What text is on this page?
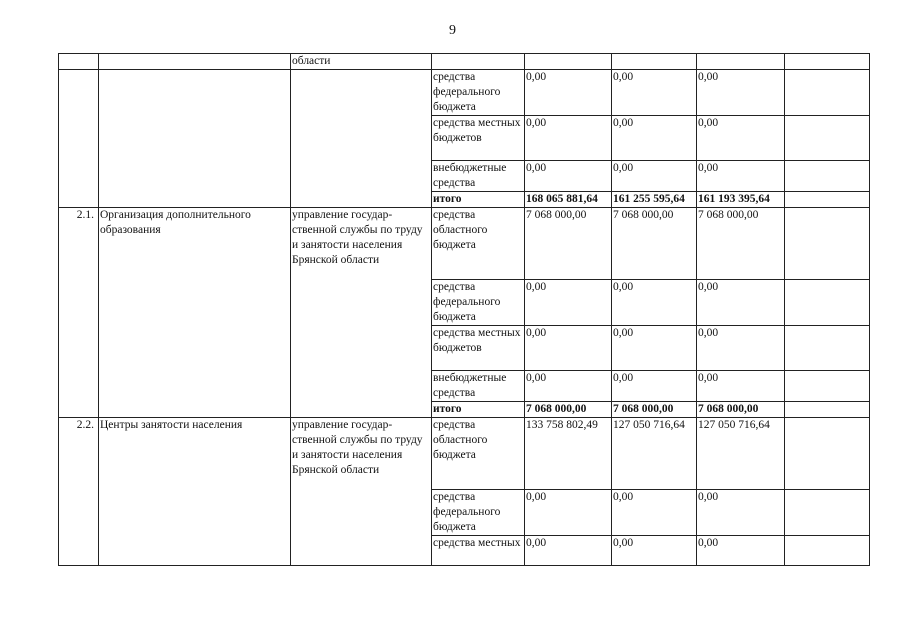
9
		области					
			средства федерального бюджета	0,00	0,00	0,00	
			средства местных бюджетов	0,00	0,00	0,00	
			внебюджетные средства	0,00	0,00	0,00	
			итого	168 065 881,64	161 255 595,64	161 193 395,64	
2.1.	Организация дополнительного образования	управление государ-ственной службы по труду и занятости населения Брянской области	средства областного бюджета	7 068 000,00	7 068 000,00	7 068 000,00	
			средства федерального бюджета	0,00	0,00	0,00	
			средства местных бюджетов	0,00	0,00	0,00	
			внебюджетные средства	0,00	0,00	0,00	
			итого	7 068 000,00	7 068 000,00	7 068 000,00	
2.2.	Центры занятости населения	управление государ-ственной службы по труду и занятости населения Брянской области	средства областного бюджета	133 758 802,49	127 050 716,64	127 050 716,64	
			средства федерального бюджета	0,00	0,00	0,00	
			средства местных	0,00	0,00	0,00	
